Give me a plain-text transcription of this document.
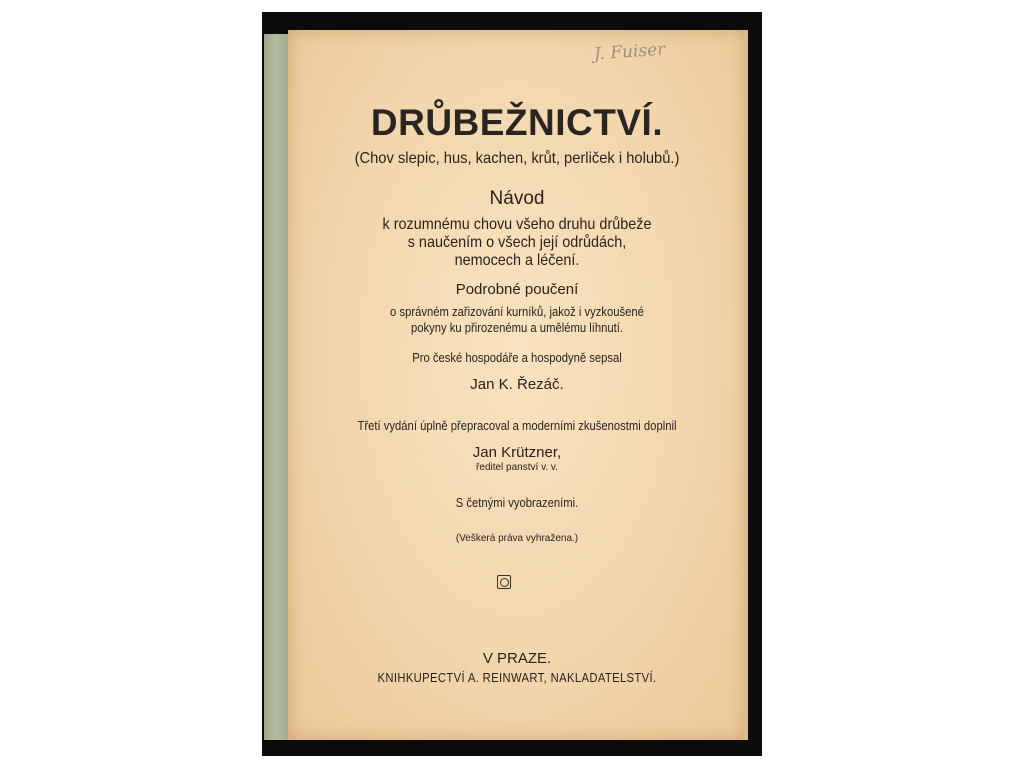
DRŮBEŽNICTVÍ.

(Chov slepic, hus, kachen, krůt, perliček i holubů.)

Návod

k rozumnému chovu všeho druhu drůbeže

s naučením o všech její odrůdách,

nemocech a léčení.

Podrobné poučení

o správném zařizování kurníků, jakož i vyzkoušené

pokyny ku přirozenému a umělému líhnutí.

Pro české hospodáře a hospodyně sepsal

Jan K. Řezáč.

Třetí vydání úplně přepracoval a moderními zkušenostmi doplnil

Jan Krützner,

ředitel panství v. v.

S četnými vyobrazeními.

(Veškerá práva vyhražena.)

V PRAZE.

KNIHKUPECTVÍ A. REINWART, NAKLADATELSTVÍ.

J. Fuiser
